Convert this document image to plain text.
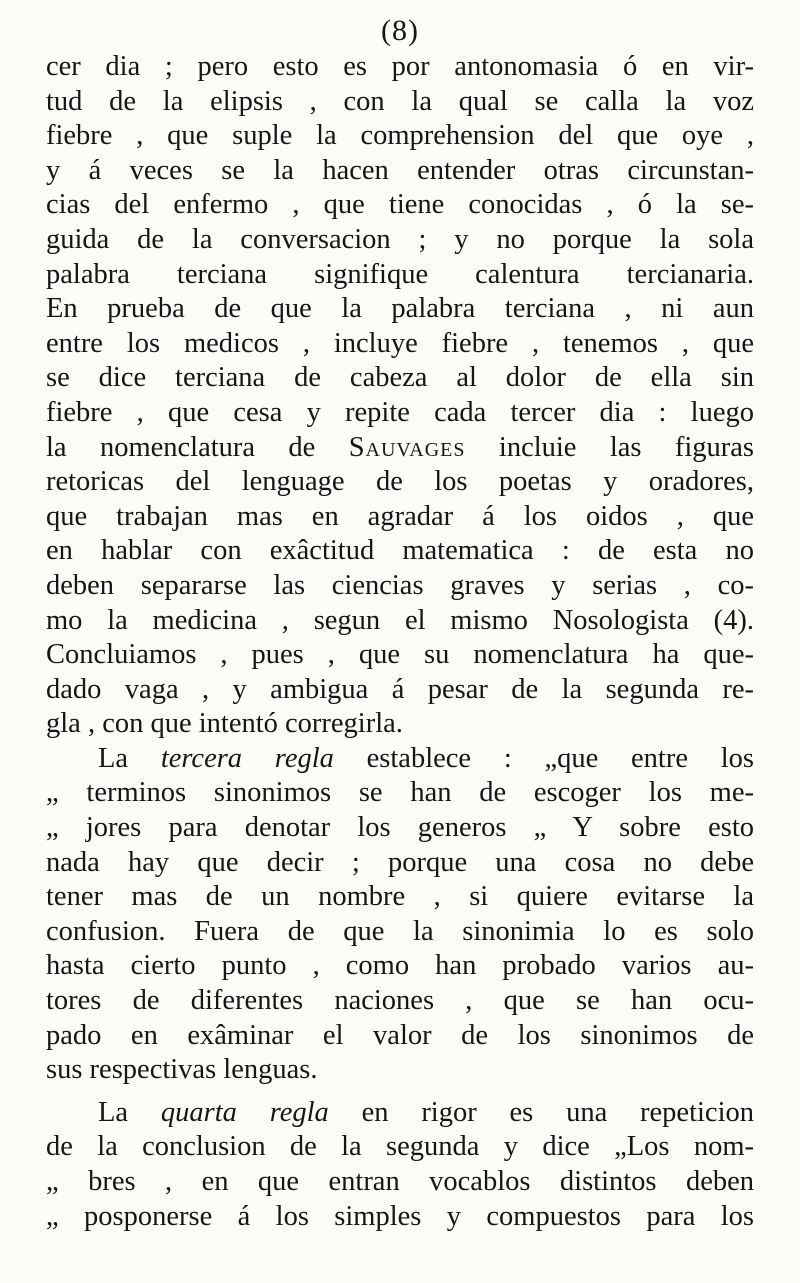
(8)
cer dia ; pero esto es por antonomasia ó en vir-
tud de la elipsis , con la qual se calla la voz
fiebre , que suple la comprehension del que oye ,
y á veces se la hacen entender otras circunstan-
cias del enfermo , que tiene conocidas , ó la se-
guida de la conversacion ; y no porque la sola
palabra terciana signifique calentura tercianaria.
En prueba de que la palabra terciana , ni aun
entre los medicos , incluye fiebre , tenemos , que
se dice terciana de cabeza al dolor de ella sin
fiebre , que cesa y repite cada tercer dia : luego
la nomenclatura de Sauvages incluie las figuras
retoricas del lenguage de los poetas y oradores,
que trabajan mas en agradar á los oidos , que
en hablar con exâctitud matematica : de esta no
deben separarse las ciencias graves y serias , co-
mo la medicina , segun el mismo Nosologista (4).
Concluiamos , pues , que su nomenclatura ha que-
dado vaga , y ambigua á pesar de la segunda re-
gla , con que intentó corregirla.
La tercera regla establece : „que entre los
„ terminos sinonimos se han de escoger los me-
„ jores para denotar los generos „ Y sobre esto
nada hay que decir ; porque una cosa no debe
tener mas de un nombre , si quiere evitarse la
confusion. Fuera de que la sinonimia lo es solo
hasta cierto punto , como han probado varios au-
tores de diferentes naciones , que se han ocu-
pado en exâminar el valor de los sinonimos de
sus respectivas lenguas.
La quarta regla en rigor es una repeticion
de la conclusion de la segunda y dice „Los nom-
„ bres , en que entran vocablos distintos deben
„ posponerse á los simples y compuestos para los
